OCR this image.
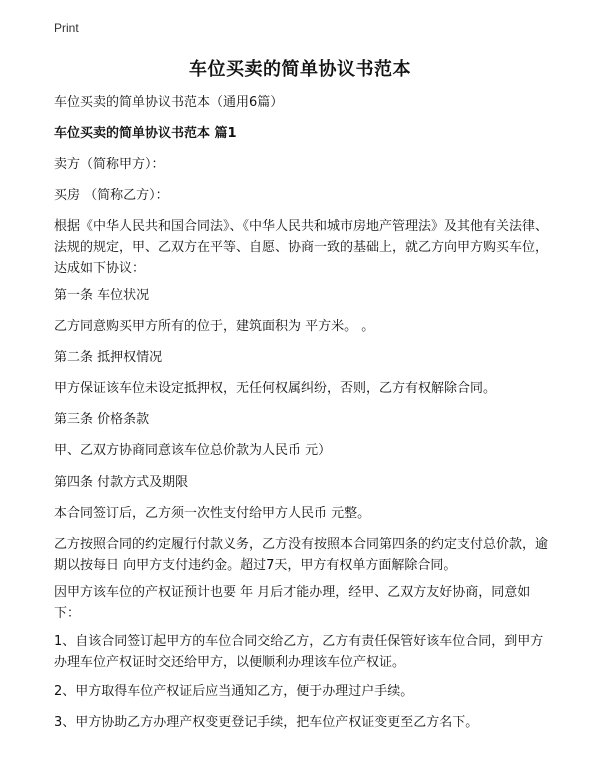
Print
车位买卖的简单协议书范本

车位买卖的简单协议书范本（通用6篇）

车位买卖的简单协议书范本 篇1

卖方（简称甲方）：

买房 （简称乙方）：

根据《中华人民共和国合同法》、《中华人民共和城市房地产管理法》及其他有关法律、法规的规定，甲、乙双方在平等、自愿、协商一致的基础上，就乙方向甲方购买车位，达成如下协议：

第一条 车位状况

乙方同意购买甲方所有的位于，建筑面积为 平方米。 。

第二条 抵押权情况

甲方保证该车位未设定抵押权，无任何权属纠纷，否则，乙方有权解除合同。

第三条 价格条款

甲、乙双方协商同意该车位总价款为人民币 元）

第四条 付款方式及期限

本合同签订后，乙方须一次性支付给甲方人民币 元整。

乙方按照合同的约定履行付款义务，乙方没有按照本合同第四条的约定支付总价款，逾期以按每日 向甲方支付违约金。超过7天，甲方有权单方面解除合同。

因甲方该车位的产权证预计也要 年 月后才能办理，经甲、乙双方友好协商，同意如下：

1、自该合同签订起甲方的车位合同交给乙方，乙方有责任保管好该车位合同，到甲方办理车位产权证时交还给甲方，以便顺利办理该车位产权证。

2、甲方取得车位产权证后应当通知乙方，便于办理过户手续。

3、甲方协助乙方办理产权变更登记手续，把车位产权证变更至乙方名下。
